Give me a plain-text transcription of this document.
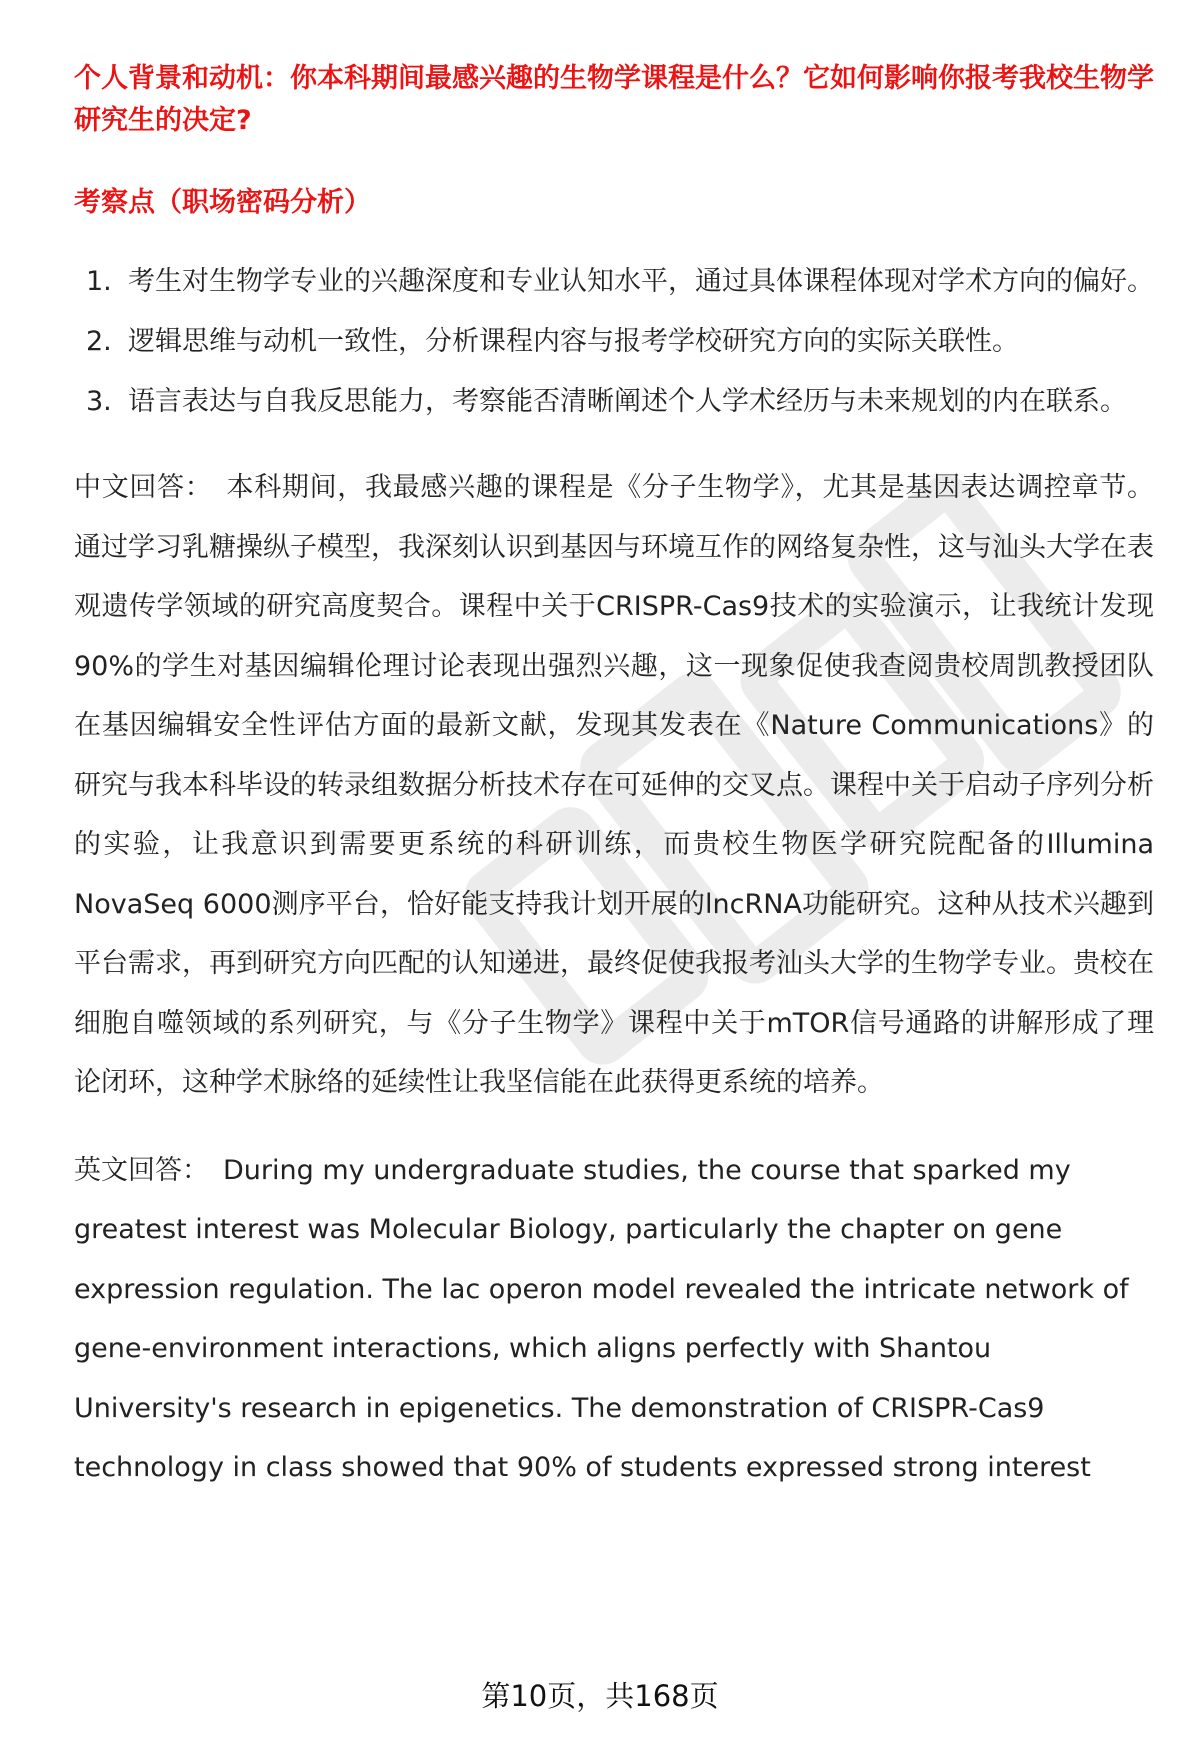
个人背景和动机：你本科期间最感兴趣的生物学课程是什么？它如何影响你报考我校生物学研究生的决定?

考察点（职场密码分析）

1. 考生对生物学专业的兴趣深度和专业认知水平，通过具体课程体现对学术方向的偏好。
2. 逻辑思维与动机一致性，分析课程内容与报考学校研究方向的实际关联性。
3. 语言表达与自我反思能力，考察能否清晰阐述个人学术经历与未来规划的内在联系。

中文回答： 本科期间，我最感兴趣的课程是《分子生物学》，尤其是基因表达调控章节。通过学习乳糖操纵子模型，我深刻认识到基因与环境互作的网络复杂性，这与汕头大学在表观遗传学领域的研究高度契合。课程中关于CRISPR-Cas9技术的实验演示，让我统计发现90%的学生对基因编辑伦理讨论表现出强烈兴趣，这一现象促使我查阅贵校周凯教授团队在基因编辑安全性评估方面的最新文献，发现其发表在《Nature Communications》的研究与我本科毕设的转录组数据分析技术存在可延伸的交叉点。课程中关于启动子序列分析的实验，让我意识到需要更系统的科研训练，而贵校生物医学研究院配备的Illumina NovaSeq 6000测序平台，恰好能支持我计划开展的lncRNA功能研究。这种从技术兴趣到平台需求，再到研究方向匹配的认知递进，最终促使我报考汕头大学的生物学专业。贵校在细胞自噬领域的系列研究，与《分子生物学》课程中关于mTOR信号通路的讲解形成了理论闭环，这种学术脉络的延续性让我坚信能在此获得更系统的培养。

英文回答： During my undergraduate studies, the course that sparked my greatest interest was Molecular Biology, particularly the chapter on gene expression regulation. The lac operon model revealed the intricate network of gene-environment interactions, which aligns perfectly with Shantou University's research in epigenetics. The demonstration of CRISPR-Cas9 technology in class showed that 90% of students expressed strong interest

第10页，共168页
